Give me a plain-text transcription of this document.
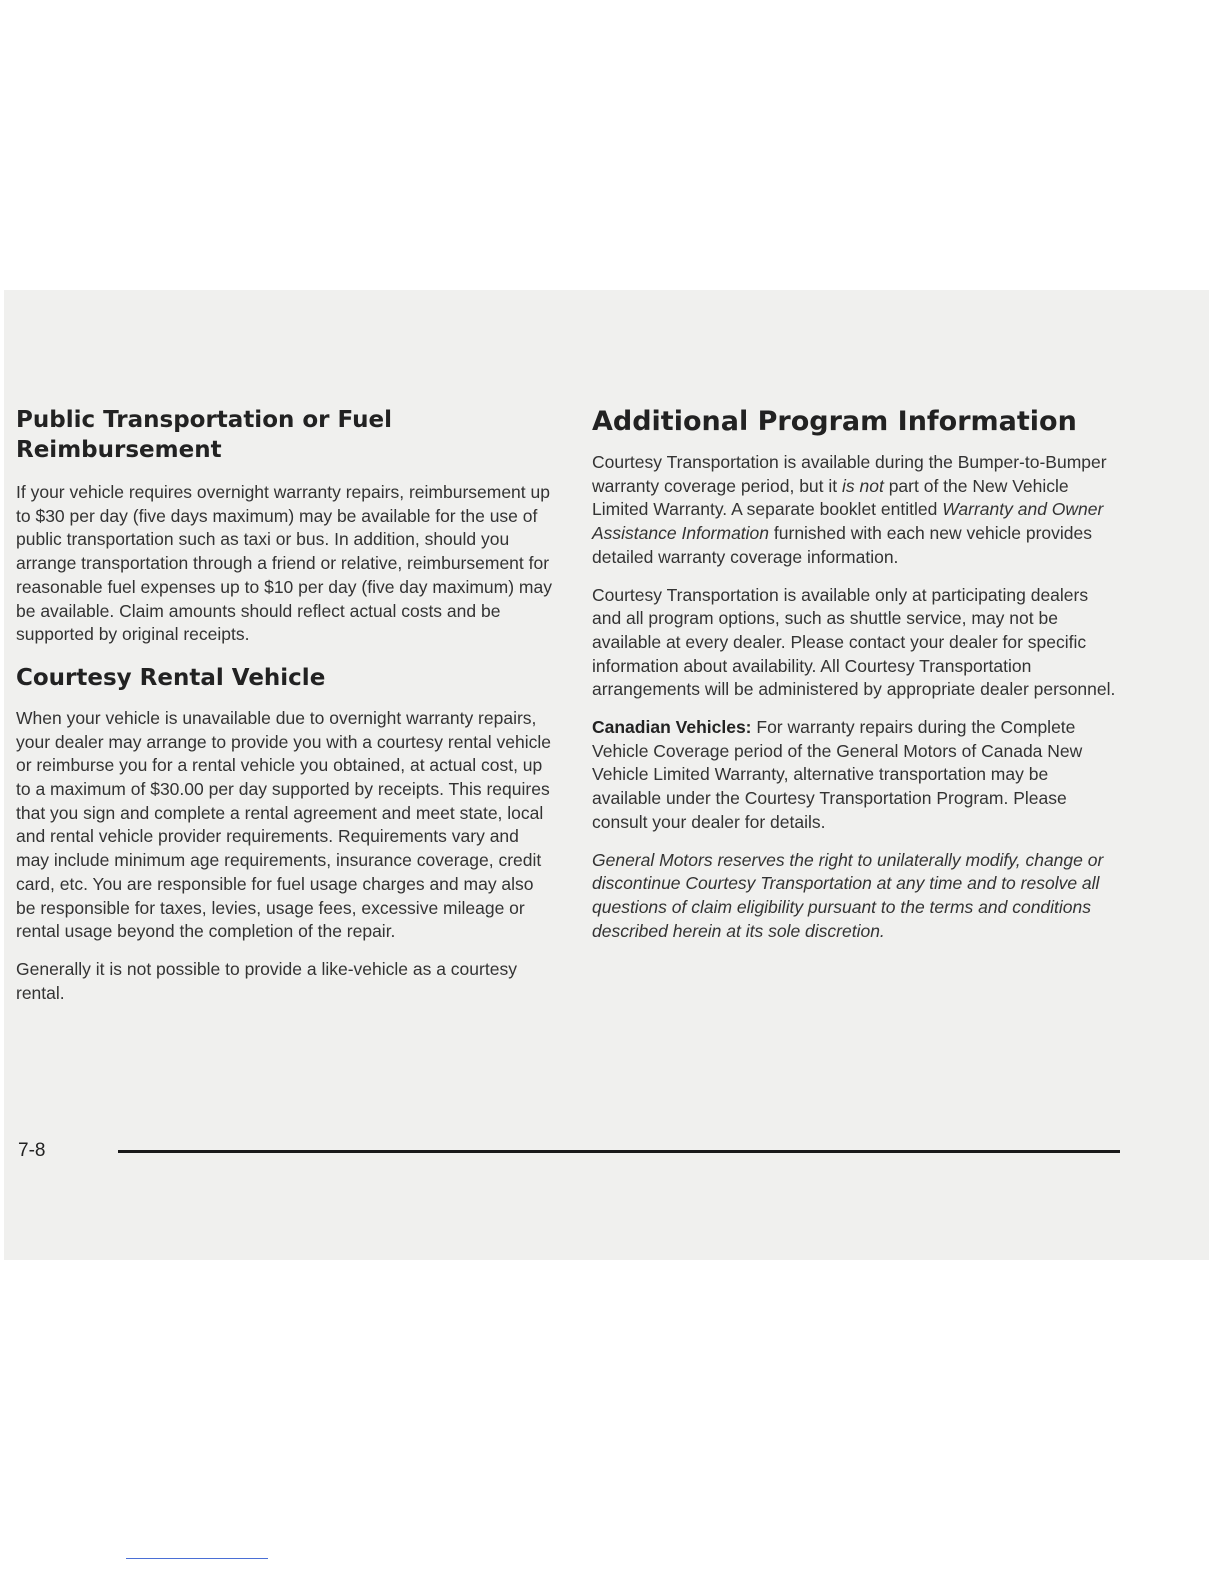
Public Transportation or Fuel Reimbursement

If your vehicle requires overnight warranty repairs, reimbursement up to $30 per day (five days maximum) may be available for the use of public transportation such as taxi or bus. In addition, should you arrange transportation through a friend or relative, reimbursement for reasonable fuel expenses up to $10 per day (five day maximum) may be available. Claim amounts should reflect actual costs and be supported by original receipts.

Courtesy Rental Vehicle

When your vehicle is unavailable due to overnight warranty repairs, your dealer may arrange to provide you with a courtesy rental vehicle or reimburse you for a rental vehicle you obtained, at actual cost, up to a maximum of $30.00 per day supported by receipts. This requires that you sign and complete a rental agreement and meet state, local and rental vehicle provider requirements. Requirements vary and may include minimum age requirements, insurance coverage, credit card, etc. You are responsible for fuel usage charges and may also be responsible for taxes, levies, usage fees, excessive mileage or rental usage beyond the completion of the repair.

Generally it is not possible to provide a like-vehicle as a courtesy rental.

Additional Program Information

Courtesy Transportation is available during the Bumper-to-Bumper warranty coverage period, but it is not part of the New Vehicle Limited Warranty. A separate booklet entitled Warranty and Owner Assistance Information furnished with each new vehicle provides detailed warranty coverage information.

Courtesy Transportation is available only at participating dealers and all program options, such as shuttle service, may not be available at every dealer. Please contact your dealer for specific information about availability. All Courtesy Transportation arrangements will be administered by appropriate dealer personnel.

Canadian Vehicles: For warranty repairs during the Complete Vehicle Coverage period of the General Motors of Canada New Vehicle Limited Warranty, alternative transportation may be available under the Courtesy Transportation Program. Please consult your dealer for details.

General Motors reserves the right to unilaterally modify, change or discontinue Courtesy Transportation at any time and to resolve all questions of claim eligibility pursuant to the terms and conditions described herein at its sole discretion.

7-8
